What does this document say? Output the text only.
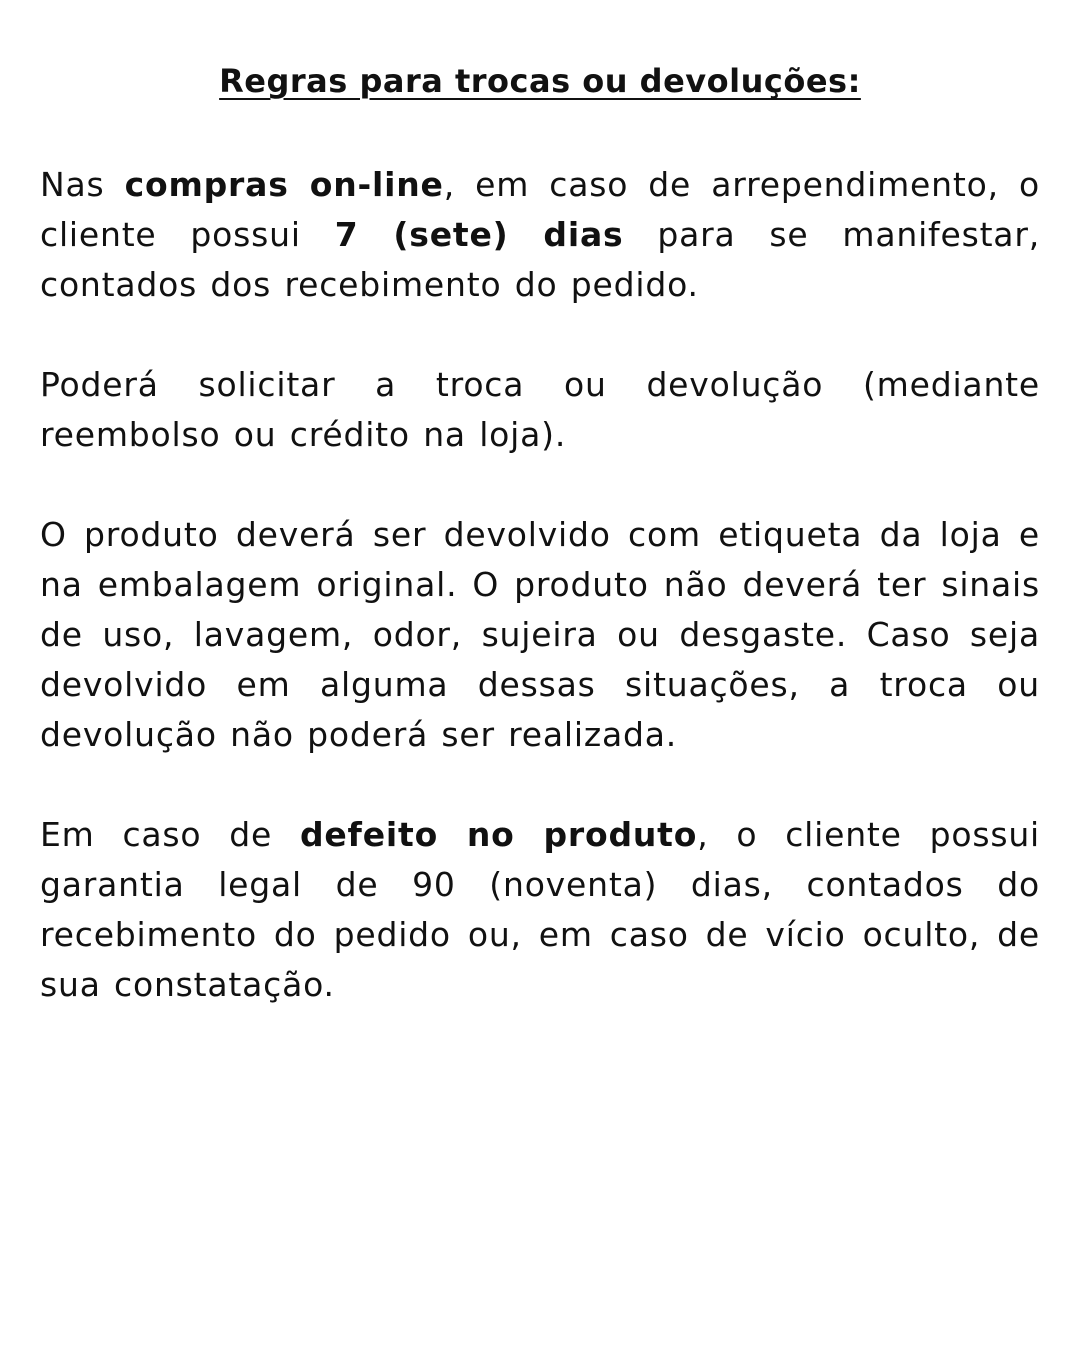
Regras para trocas ou devoluções:

Nas compras on-line, em caso de arrependimento, o cliente possui 7 (sete) dias para se manifestar, contados dos recebimento do pedido.

Poderá solicitar a troca ou devolução (mediante reembolso ou crédito na loja).

O produto deverá ser devolvido com etiqueta da loja e na embalagem original. O produto não deverá ter sinais de uso, lavagem, odor, sujeira ou desgaste. Caso seja devolvido em alguma dessas situações, a troca ou devolução não poderá ser realizada.

Em caso de defeito no produto, o cliente possui garantia legal de 90 (noventa) dias, contados do recebimento do pedido ou, em caso de vício oculto, de sua constatação.
